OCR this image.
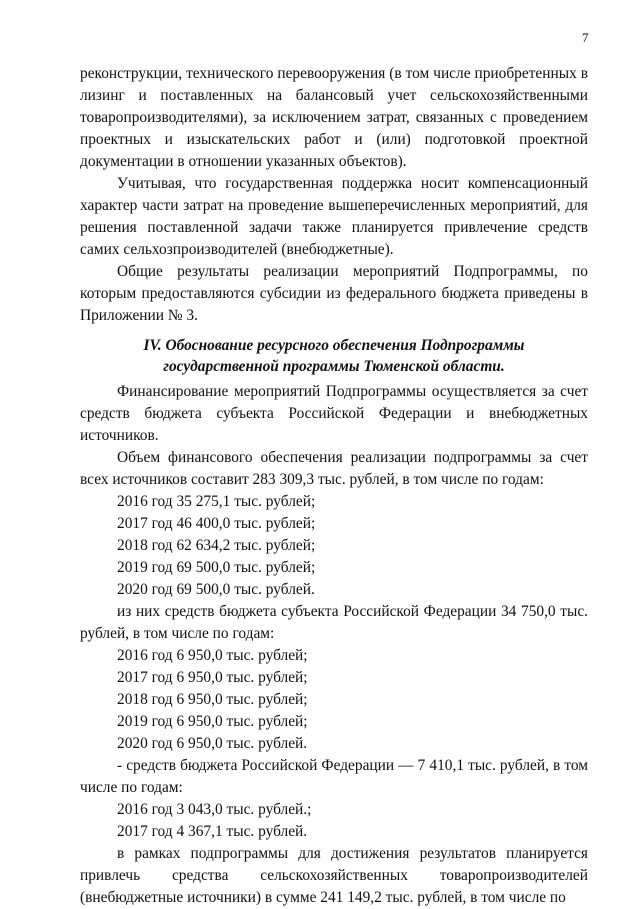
7

реконструкции, технического перевооружения (в том числе приобретенных в лизинг и поставленных на балансовый учет сельскохозяйственными товаропроизводителями), за исключением затрат, связанных с проведением проектных и изыскательских работ и (или) подготовкой проектной документации в отношении указанных объектов).

Учитывая, что государственная поддержка носит компенсационный характер части затрат на проведение вышеперечисленных мероприятий, для решения поставленной задачи также планируется привлечение средств самих сельхозпроизводителей (внебюджетные).

Общие результаты реализации мероприятий Подпрограммы, по которым предоставляются субсидии из федерального бюджета приведены в Приложении № 3.

IV. Обоснование ресурсного обеспечения Подпрограммы
государственной программы Тюменской области.

Финансирование мероприятий Подпрограммы осуществляется за счет средств бюджета субъекта Российской Федерации и внебюджетных источников.

Объем финансового обеспечения реализации подпрограммы за счет всех источников составит 283 309,3 тыс. рублей, в том числе по годам:

2016 год 35 275,1 тыс. рублей;

2017 год 46 400,0 тыс. рублей;

2018 год 62 634,2 тыс. рублей;

2019 год 69 500,0 тыс. рублей;

2020 год 69 500,0 тыс. рублей.

из них средств бюджета субъекта Российской Федерации 34 750,0 тыс. рублей, в том числе по годам:

2016 год 6 950,0 тыс. рублей;

2017 год 6 950,0 тыс. рублей;

2018 год 6 950,0 тыс. рублей;

2019 год 6 950,0 тыс. рублей;

2020 год 6 950,0 тыс. рублей.

- средств бюджета Российской Федерации — 7 410,1 тыс. рублей, в том числе по годам:

2016 год 3 043,0 тыс. рублей.;

2017 год 4 367,1 тыс. рублей.

в рамках подпрограммы для достижения результатов планируется привлечь средства сельскохозяйственных товаропроизводителей (внебюджетные источники) в сумме 241 149,2 тыс. рублей, в том числе по
